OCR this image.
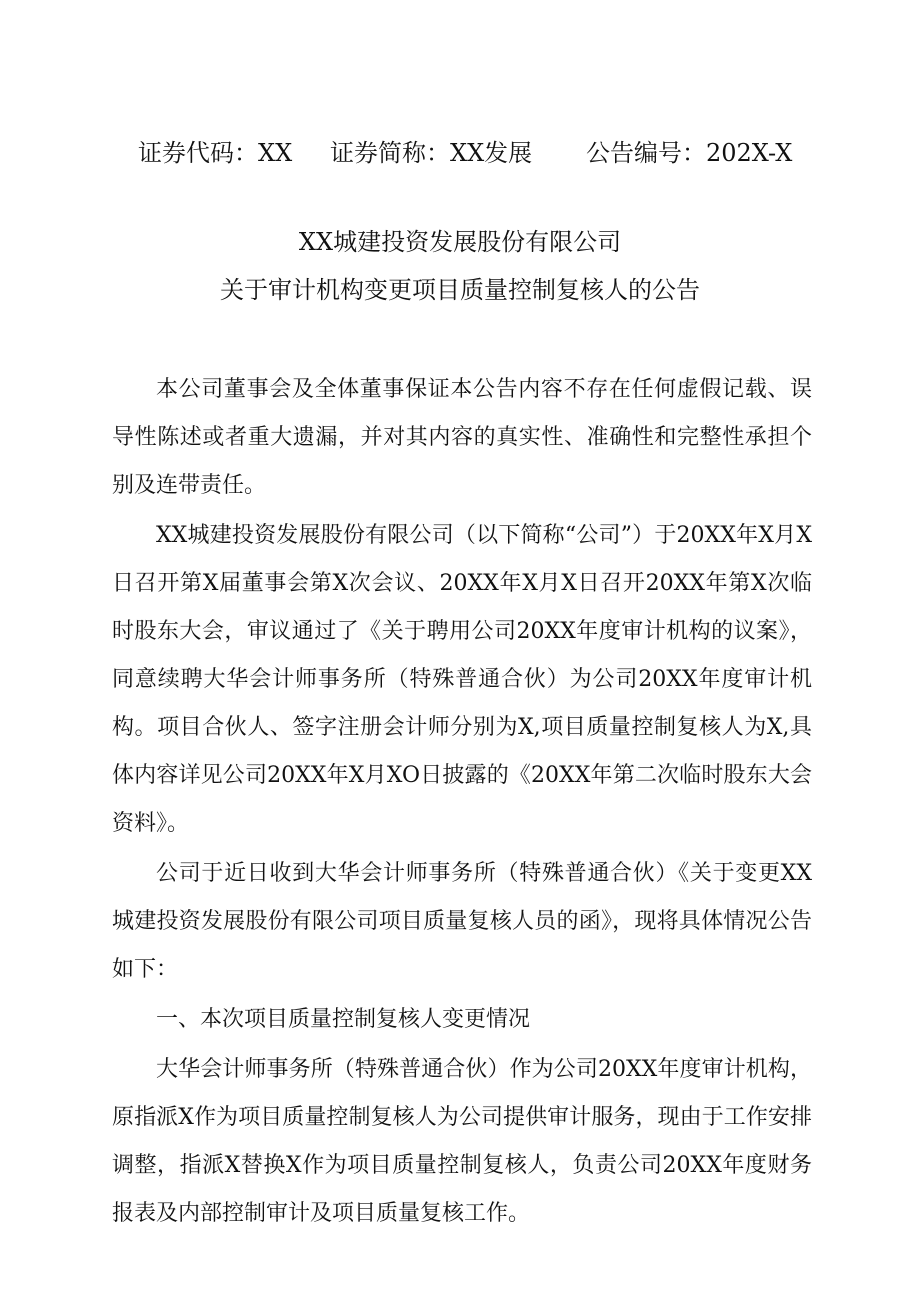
证券代码：XX 证券简称：XX发展 公告编号：202X-X
XX城建投资发展股份有限公司
关于审计机构变更项目质量控制复核人的公告

本公司董事会及全体董事保证本公告内容不存在任何虚假记载、误导性陈述或者重大遗漏，并对其内容的真实性、准确性和完整性承担个别及连带责任。

XX城建投资发展股份有限公司（以下简称“公司”）于20XX年X月X日召开第X届董事会第X次会议、20XX年X月X日召开20XX年第X次临时股东大会，审议通过了《关于聘用公司20XX年度审计机构的议案》，同意续聘大华会计师事务所（特殊普通合伙）为公司20XX年度审计机构。项目合伙人、签字注册会计师分别为X,项目质量控制复核人为X,具体内容详见公司20XX年X月XO日披露的《20XX年第二次临时股东大会资料》。

公司于近日收到大华会计师事务所（特殊普通合伙）《关于变更XX城建投资发展股份有限公司项目质量复核人员的函》，现将具体情况公告如下：

一、本次项目质量控制复核人变更情况

大华会计师事务所（特殊普通合伙）作为公司20XX年度审计机构，原指派X作为项目质量控制复核人为公司提供审计服务，现由于工作安排调整，指派X替换X作为项目质量控制复核人，负责公司20XX年度财务报表及内部控制审计及项目质量复核工作。
